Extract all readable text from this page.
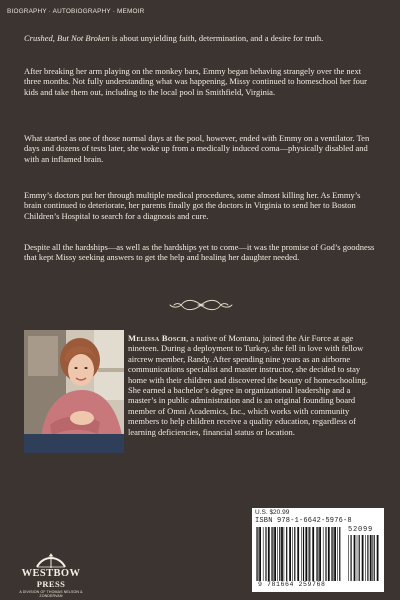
BIOGRAPHY · AUTOBIOGRAPHY · MEMOIR

Crushed, But Not Broken is about unyielding faith, determination, and a desire for truth.

After breaking her arm playing on the monkey bars, Emmy began behaving strangely over the next three months. Not fully understanding what was happening, Missy continued to homeschool her four kids and take them out, including to the local pool in Smithfield, Virginia.

What started as one of those normal days at the pool, however, ended with Emmy on a ventilator. Ten days and dozens of tests later, she woke up from a medically induced coma—physically disabled and with an inflamed brain.

Emmy’s doctors put her through multiple medical procedures, some almost killing her. As Emmy’s brain continued to deteriorate, her parents finally got the doctors in Virginia to send her to Boston Children’s Hospital to search for a diagnosis and cure.

Despite all the hardships—as well as the hardships yet to come—it was the promise of God’s goodness that kept Missy seeking answers to get the help and healing her daughter needed.

Melissa Bosch, a native of Montana, joined the Air Force at age nineteen. During a deployment to Turkey, she fell in love with fellow aircrew member, Randy. After spending nine years as an airborne communications specialist and master instructor, she decided to stay home with their children and discovered the beauty of homeschooling. She earned a bachelor’s degree in organizational leadership and a master’s in public administration and is an original founding board member of Omni Academics, Inc., which works with community members to help children receive a quality education, regardless of learning deficiencies, financial status or location.

WESTBOW PRESS
A DIVISION OF THOMAS NELSON & ZONDERVAN
U.S. $20.99
ISBN 978-1-6642-5976-8
52099
9 781664 259768
